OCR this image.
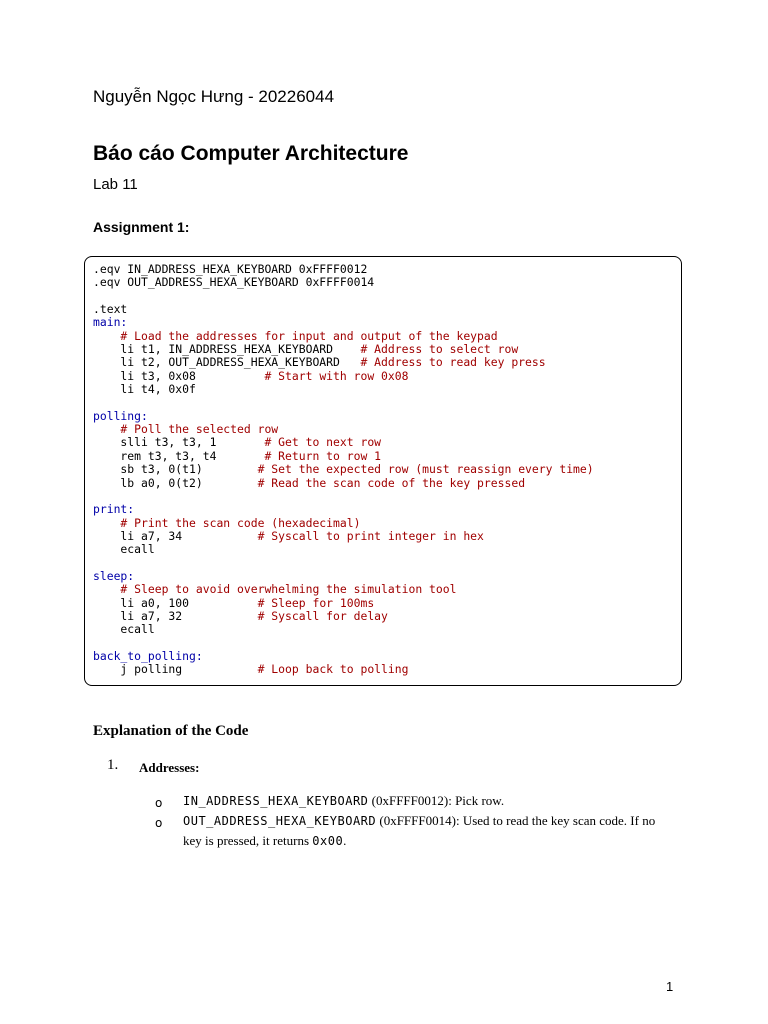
Nguyễn Ngọc Hưng - 20226044
Báo cáo Computer Architecture
Lab 11
Assignment 1:
.eqv IN_ADDRESS_HEXA_KEYBOARD 0xFFFF0012
.eqv OUT_ADDRESS_HEXA_KEYBOARD 0xFFFF0014
.text
main:
# Load the addresses for input and output of the keypad
li t1, IN_ADDRESS_HEXA_KEYBOARD    # Address to select row
li t2, OUT_ADDRESS_HEXA_KEYBOARD   # Address to read key press
li t3, 0x08          # Start with row 0x08
li t4, 0x0f
polling:
# Poll the selected row
slli t3, t3, 1       # Get to next row
rem t3, t3, t4       # Return to row 1
sb t3, 0(t1)        # Set the expected row (must reassign every time)
lb a0, 0(t2)        # Read the scan code of the key pressed
print:
# Print the scan code (hexadecimal)
li a7, 34           # Syscall to print integer in hex
ecall
sleep:
# Sleep to avoid overwhelming the simulation tool
li a0, 100          # Sleep for 100ms
li a7, 32           # Syscall for delay
ecall
back_to_polling:
j polling           # Loop back to polling
Explanation of the Code
1. Addresses:
o IN_ADDRESS_HEXA_KEYBOARD (0xFFFF0012): Pick row.
o OUT_ADDRESS_HEXA_KEYBOARD (0xFFFF0014): Used to read the key scan code. If no key is pressed, it returns 0x00.
1
